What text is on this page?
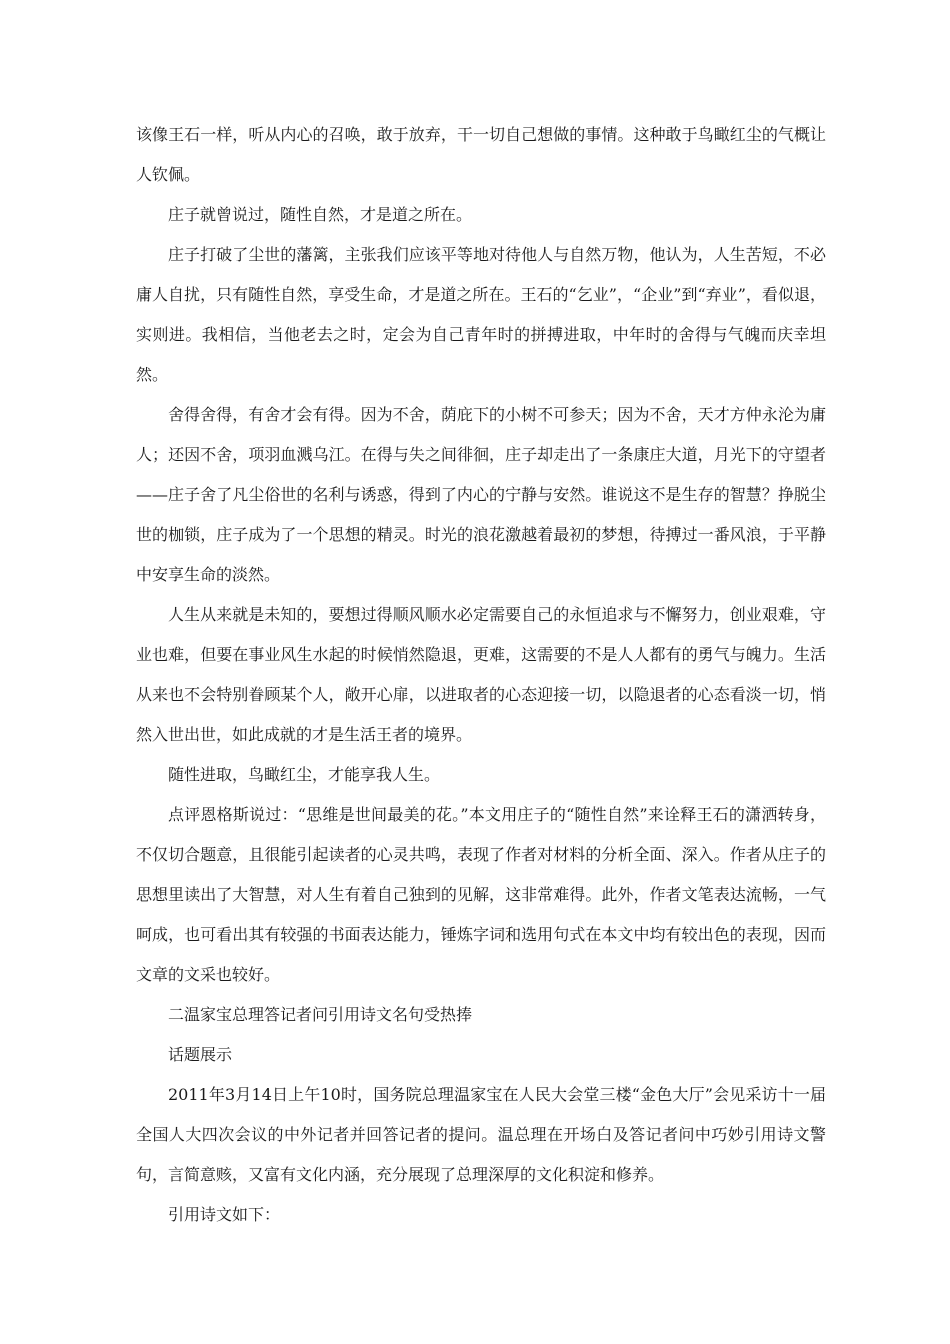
该像王石一样，听从内心的召唤，敢于放弃，干一切自己想做的事情。这种敢于鸟瞰红尘的气概让人钦佩。

庄子就曾说过，随性自然，才是道之所在。

庄子打破了尘世的藩篱，主张我们应该平等地对待他人与自然万物，他认为，人生苦短，不必庸人自扰，只有随性自然，享受生命，才是道之所在。王石的“乞业”，“企业”到“弃业”，看似退，实则进。我相信，当他老去之时，定会为自己青年时的拼搏进取，中年时的舍得与气魄而庆幸坦然。

舍得舍得，有舍才会有得。因为不舍，荫庇下的小树不可参天；因为不舍，天才方仲永沦为庸人；还因不舍，项羽血溅乌江。在得与失之间徘徊，庄子却走出了一条康庄大道，月光下的守望者——庄子舍了凡尘俗世的名利与诱惑，得到了内心的宁静与安然。谁说这不是生存的智慧？挣脱尘世的枷锁，庄子成为了一个思想的精灵。时光的浪花激越着最初的梦想，待搏过一番风浪，于平静中安享生命的淡然。

人生从来就是未知的，要想过得顺风顺水必定需要自己的永恒追求与不懈努力，创业艰难，守业也难，但要在事业风生水起的时候悄然隐退，更难，这需要的不是人人都有的勇气与魄力。生活从来也不会特别眷顾某个人，敞开心扉，以进取者的心态迎接一切，以隐退者的心态看淡一切，悄然入世出世，如此成就的才是生活王者的境界。

随性进取，鸟瞰红尘，才能享我人生。

点评恩格斯说过：“思维是世间最美的花。”本文用庄子的“随性自然”来诠释王石的潇洒转身，不仅切合题意，且很能引起读者的心灵共鸣，表现了作者对材料的分析全面、深入。作者从庄子的思想里读出了大智慧，对人生有着自己独到的见解，这非常难得。此外，作者文笔表达流畅，一气呵成，也可看出其有较强的书面表达能力，锤炼字词和选用句式在本文中均有较出色的表现，因而文章的文采也较好。

二温家宝总理答记者问引用诗文名句受热捧

话题展示

2011年3月14日上午10时，国务院总理温家宝在人民大会堂三楼“金色大厅”会见采访十一届全国人大四次会议的中外记者并回答记者的提问。温总理在开场白及答记者问中巧妙引用诗文警句，言简意赅，又富有文化内涵，充分展现了总理深厚的文化积淀和修养。

引用诗文如下：
